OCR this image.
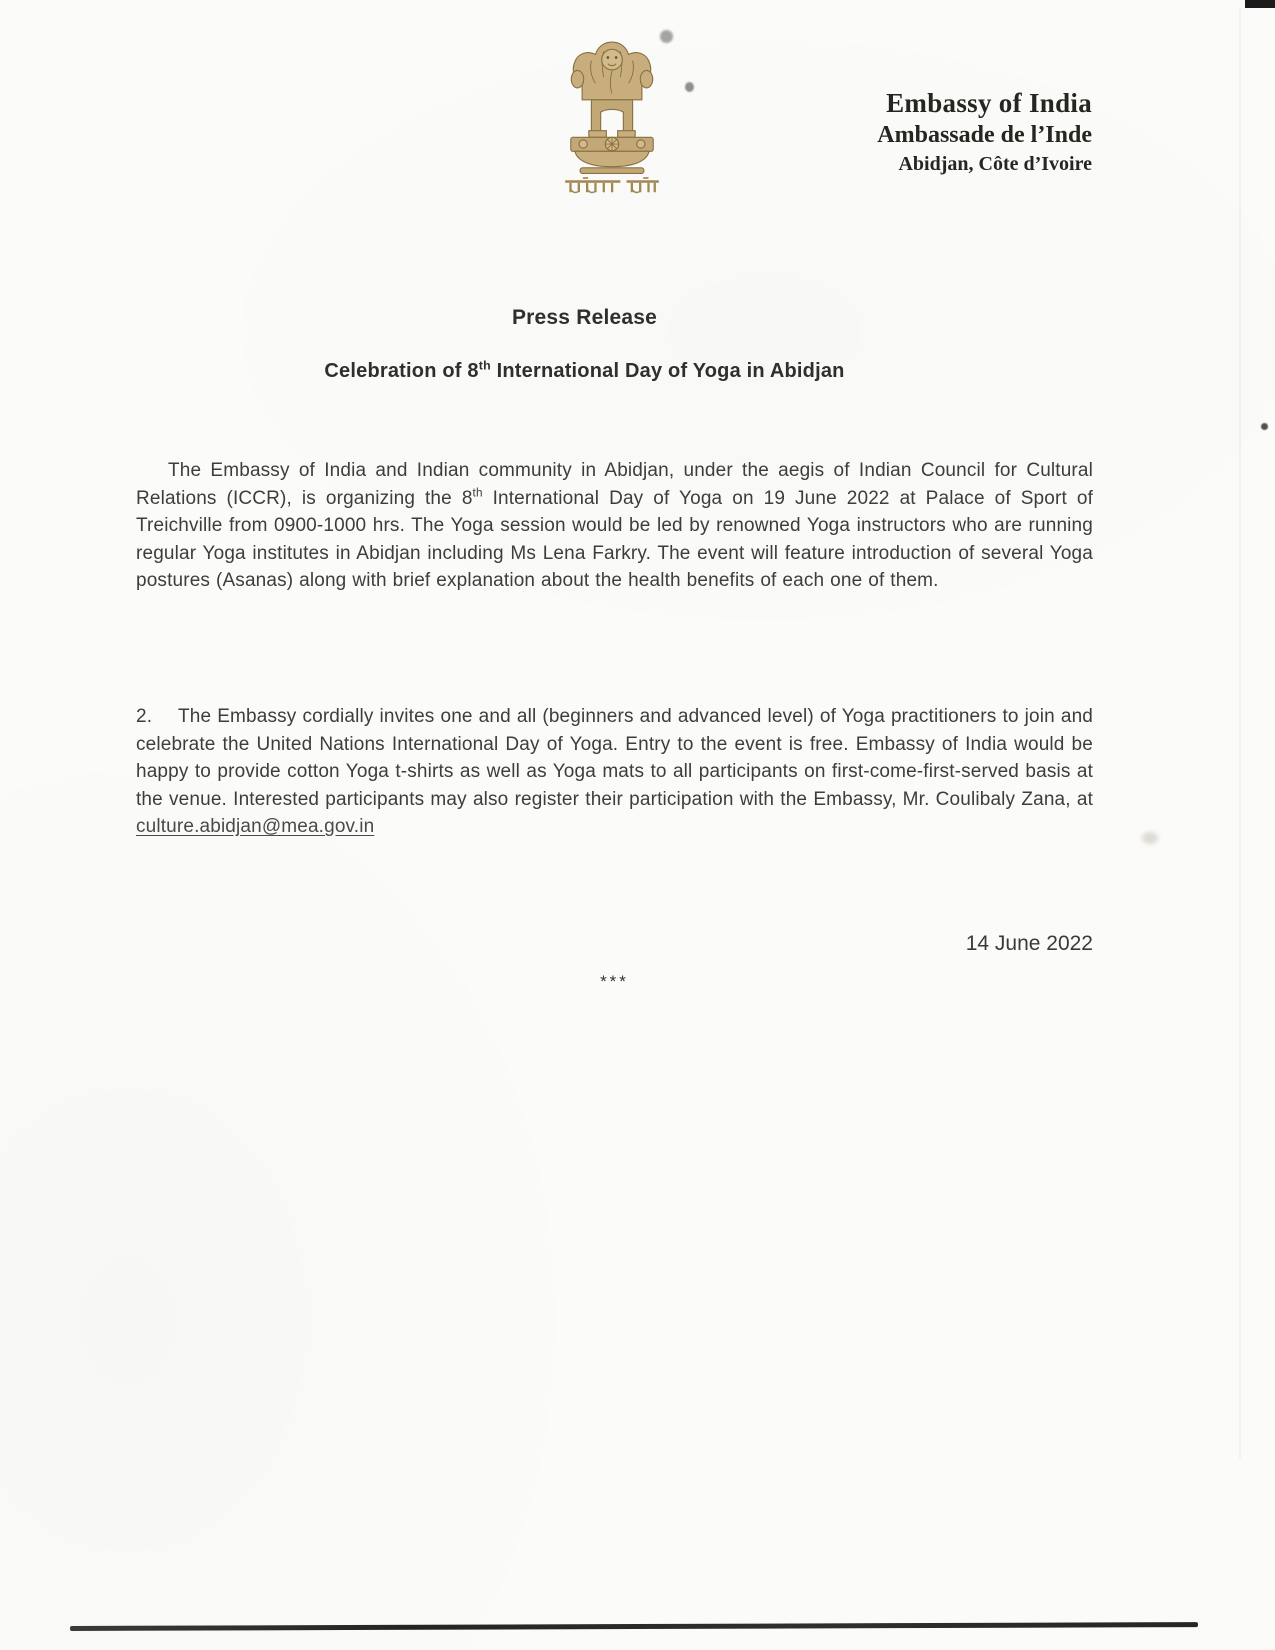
Embassy of India
Ambassade de l’Inde
Abidjan, Côte d’Ivoire
Press Release
Celebration of 8th International Day of Yoga in Abidjan

The Embassy of India and Indian community in Abidjan, under the aegis of Indian Council for Cultural Relations (ICCR), is organizing the 8th International Day of Yoga on 19 June 2022 at Palace of Sport of Treichville from 0900-1000 hrs. The Yoga session would be led by renowned Yoga instructors who are running regular Yoga institutes in Abidjan including Ms Lena Farkry. The event will feature introduction of several Yoga postures (Asanas) along with brief explanation about the health benefits of each one of them.

2. The Embassy cordially invites one and all (beginners and advanced level) of Yoga practitioners to join and celebrate the United Nations International Day of Yoga. Entry to the event is free. Embassy of India would be happy to provide cotton Yoga t-shirts as well as Yoga mats to all participants on first-come-first-served basis at the venue. Interested participants may also register their participation with the Embassy, Mr. Coulibaly Zana, at culture.abidjan@mea.gov.in

14 June 2022
***
